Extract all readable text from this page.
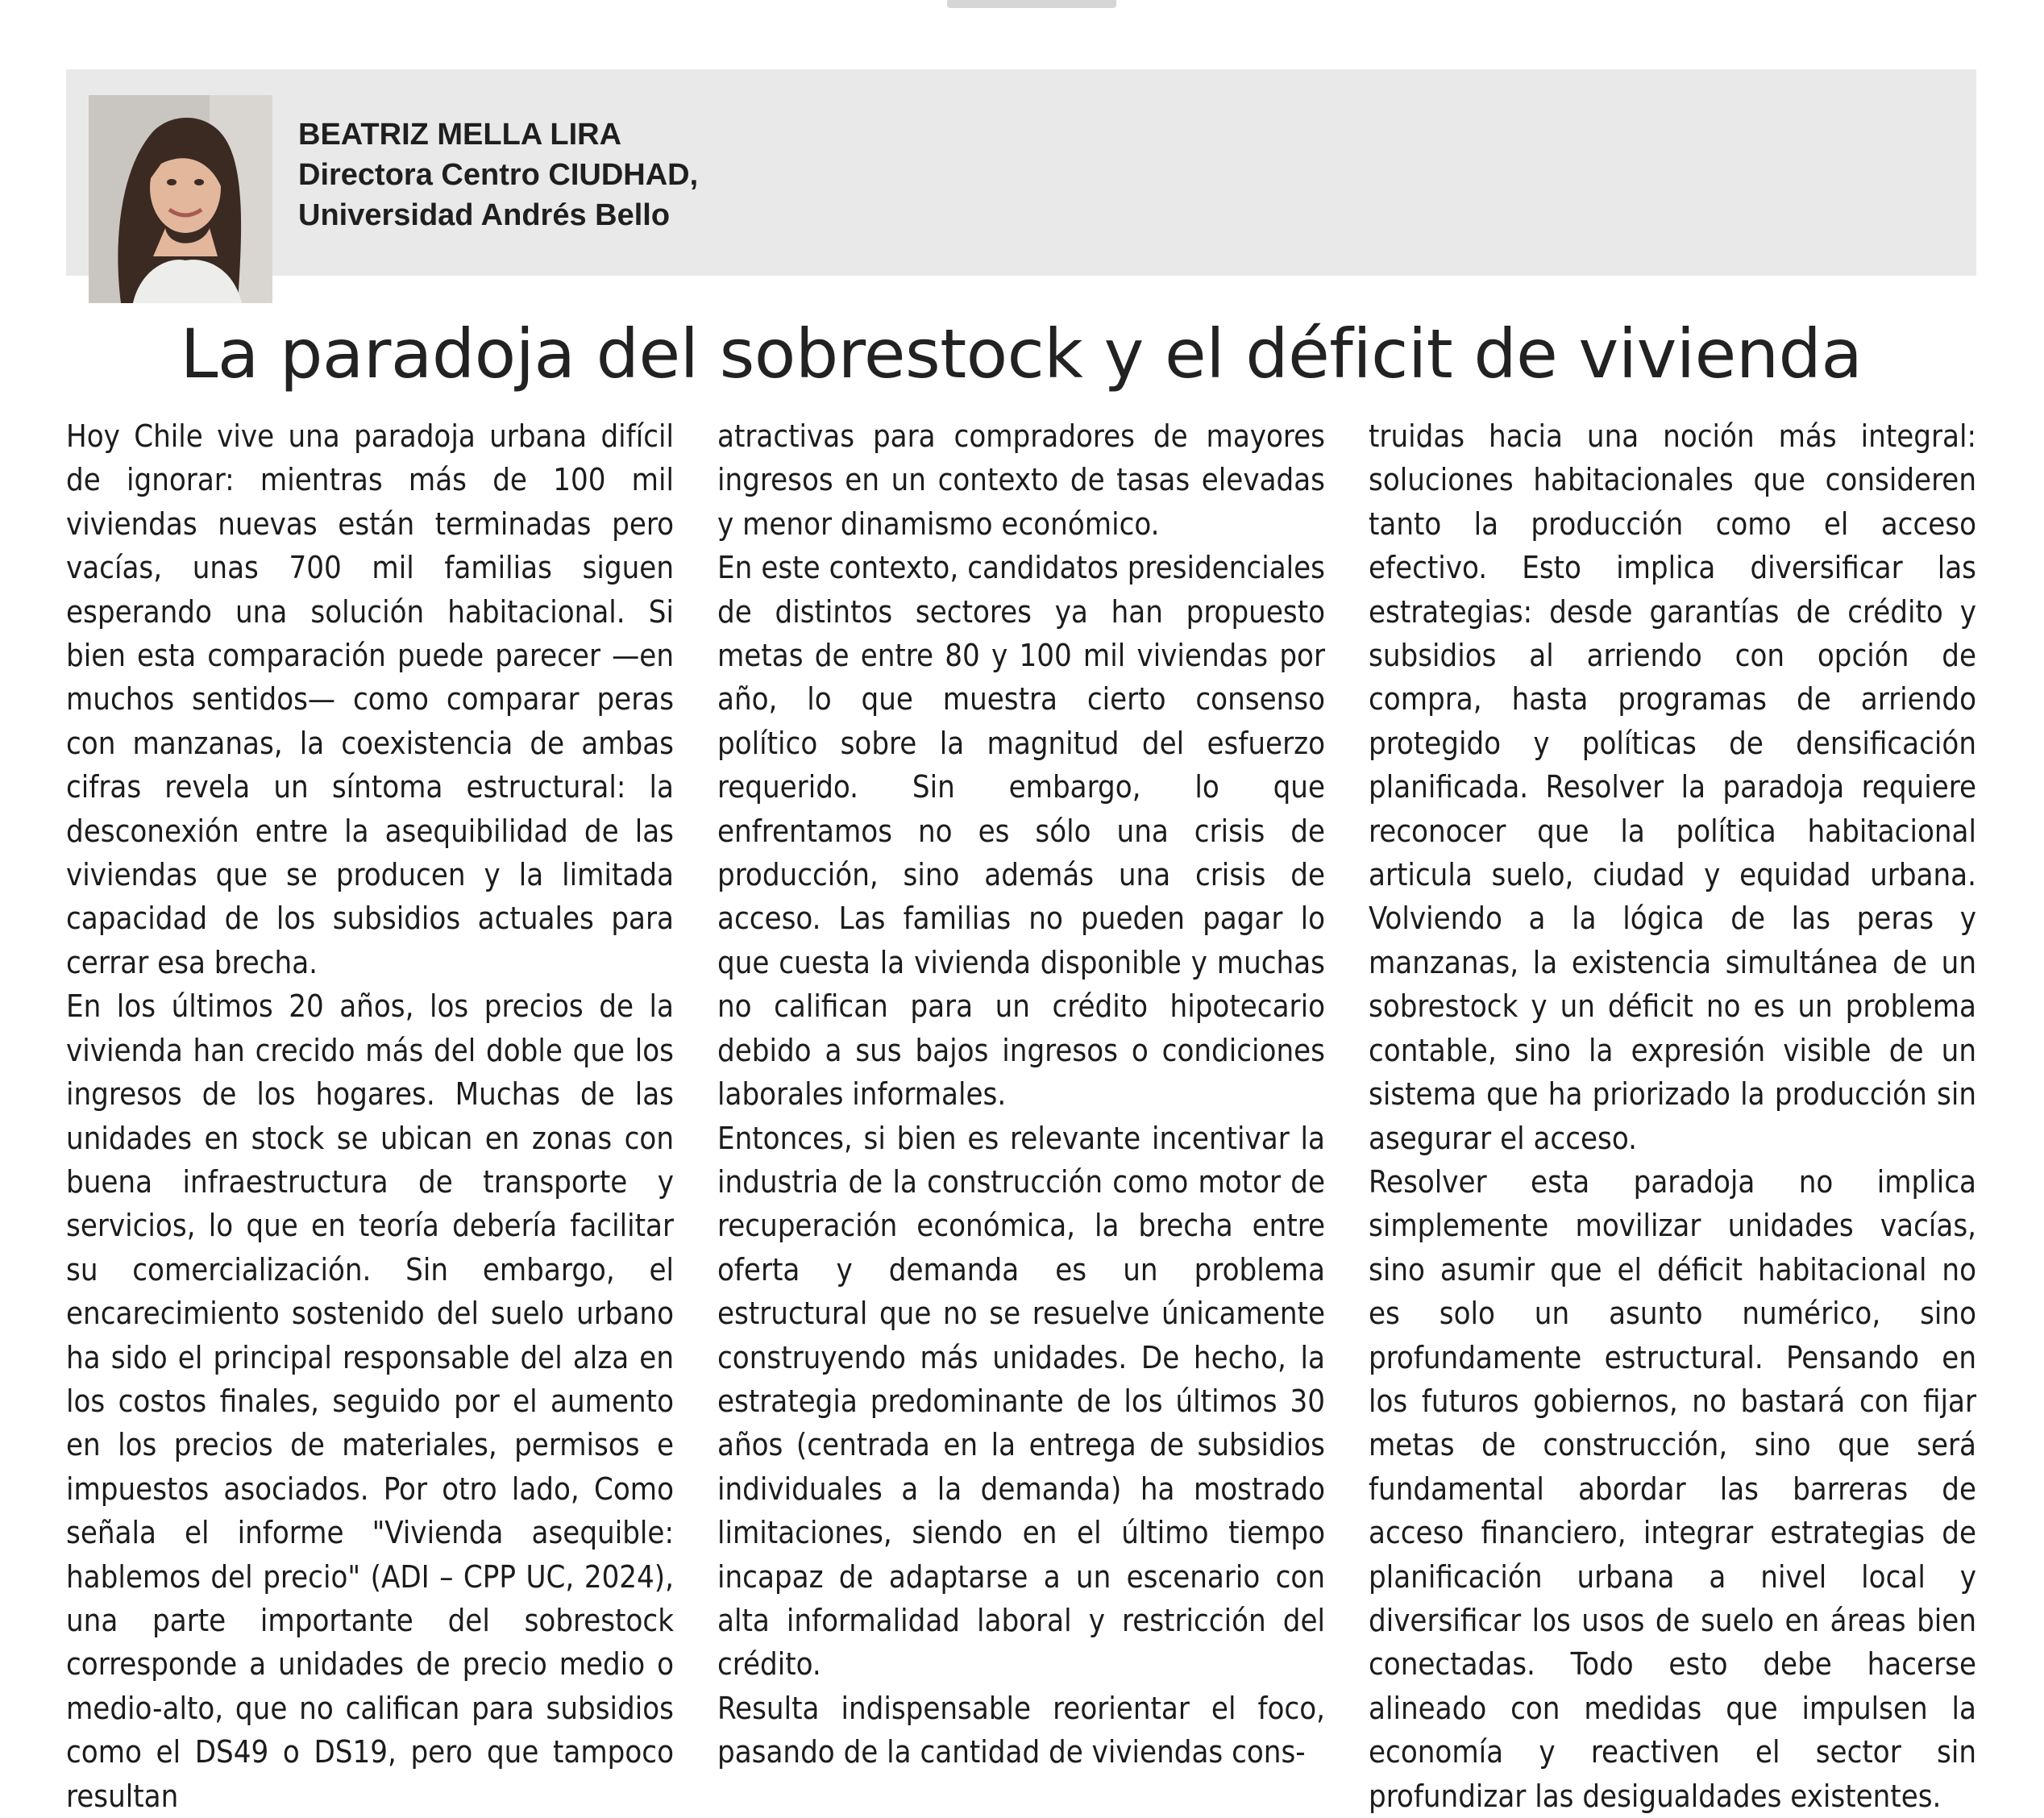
BEATRIZ MELLA LIRA
Directora Centro CIUDHAD,
Universidad Andrés Bello
La paradoja del sobrestock y el déficit de vivienda

Hoy Chile vive una paradoja urbana difícil de ignorar: mientras más de 100 mil viviendas nuevas están terminadas pero vacías, unas 700 mil familias siguen esperando una solución habitacional. Si bien esta comparación puede parecer —en muchos sentidos— como comparar peras con manzanas, la coexistencia de ambas cifras revela un síntoma estructural: la desconexión entre la asequibilidad de las viviendas que se producen y la limitada capacidad de los subsidios actuales para cerrar esa brecha.

En los últimos 20 años, los precios de la vivienda han crecido más del doble que los ingresos de los hogares. Muchas de las unidades en stock se ubican en zonas con buena infraestructura de transporte y servicios, lo que en teoría debería facilitar su comercialización. Sin embargo, el encarecimiento sostenido del suelo urbano ha sido el principal responsable del alza en los costos finales, seguido por el aumento en los precios de materiales, permisos e impuestos asociados. Por otro lado, Como señala el informe "Vivienda asequible: hablemos del precio" (ADI – CPP UC, 2024), una parte importante del sobrestock corresponde a unidades de precio medio o medio-alto, que no califican para subsidios como el DS49 o DS19, pero que tampoco resultan

atractivas para compradores de mayores ingresos en un contexto de tasas elevadas y menor dinamismo económico.

En este contexto, candidatos presidenciales de distintos sectores ya han propuesto metas de entre 80 y 100 mil viviendas por año, lo que muestra cierto consenso político sobre la magnitud del esfuerzo requerido. Sin embargo, lo que enfrentamos no es sólo una crisis de producción, sino además una crisis de acceso. Las familias no pueden pagar lo que cuesta la vivienda disponible y muchas no califican para un crédito hipotecario debido a sus bajos ingresos o condiciones laborales informales.

Entonces, si bien es relevante incentivar la industria de la construcción como motor de recuperación económica, la brecha entre oferta y demanda es un problema estructural que no se resuelve únicamente construyendo más unidades. De hecho, la estrategia predominante de los últimos 30 años (centrada en la entrega de subsidios individuales a la demanda) ha mostrado limitaciones, siendo en el último tiempo incapaz de adaptarse a un escenario con alta informalidad laboral y restricción del crédito.

Resulta indispensable reorientar el foco, pasando de la cantidad de viviendas cons-

truidas hacia una noción más integral: soluciones habitacionales que consideren tanto la producción como el acceso efectivo. Esto implica diversificar las estrategias: desde garantías de crédito y subsidios al arriendo con opción de compra, hasta programas de arriendo protegido y políticas de densificación planificada. Resolver la paradoja requiere reconocer que la política habitacional articula suelo, ciudad y equidad urbana. Volviendo a la lógica de las peras y manzanas, la existencia simultánea de un sobrestock y un déficit no es un problema contable, sino la expresión visible de un sistema que ha priorizado la producción sin asegurar el acceso.

Resolver esta paradoja no implica simplemente movilizar unidades vacías, sino asumir que el déficit habitacional no es solo un asunto numérico, sino profundamente estructural. Pensando en los futuros gobiernos, no bastará con fijar metas de construcción, sino que será fundamental abordar las barreras de acceso financiero, integrar estrategias de planificación urbana a nivel local y diversificar los usos de suelo en áreas bien conectadas. Todo esto debe hacerse alineado con medidas que impulsen la economía y reactiven el sector sin profundizar las desigualdades existentes.
